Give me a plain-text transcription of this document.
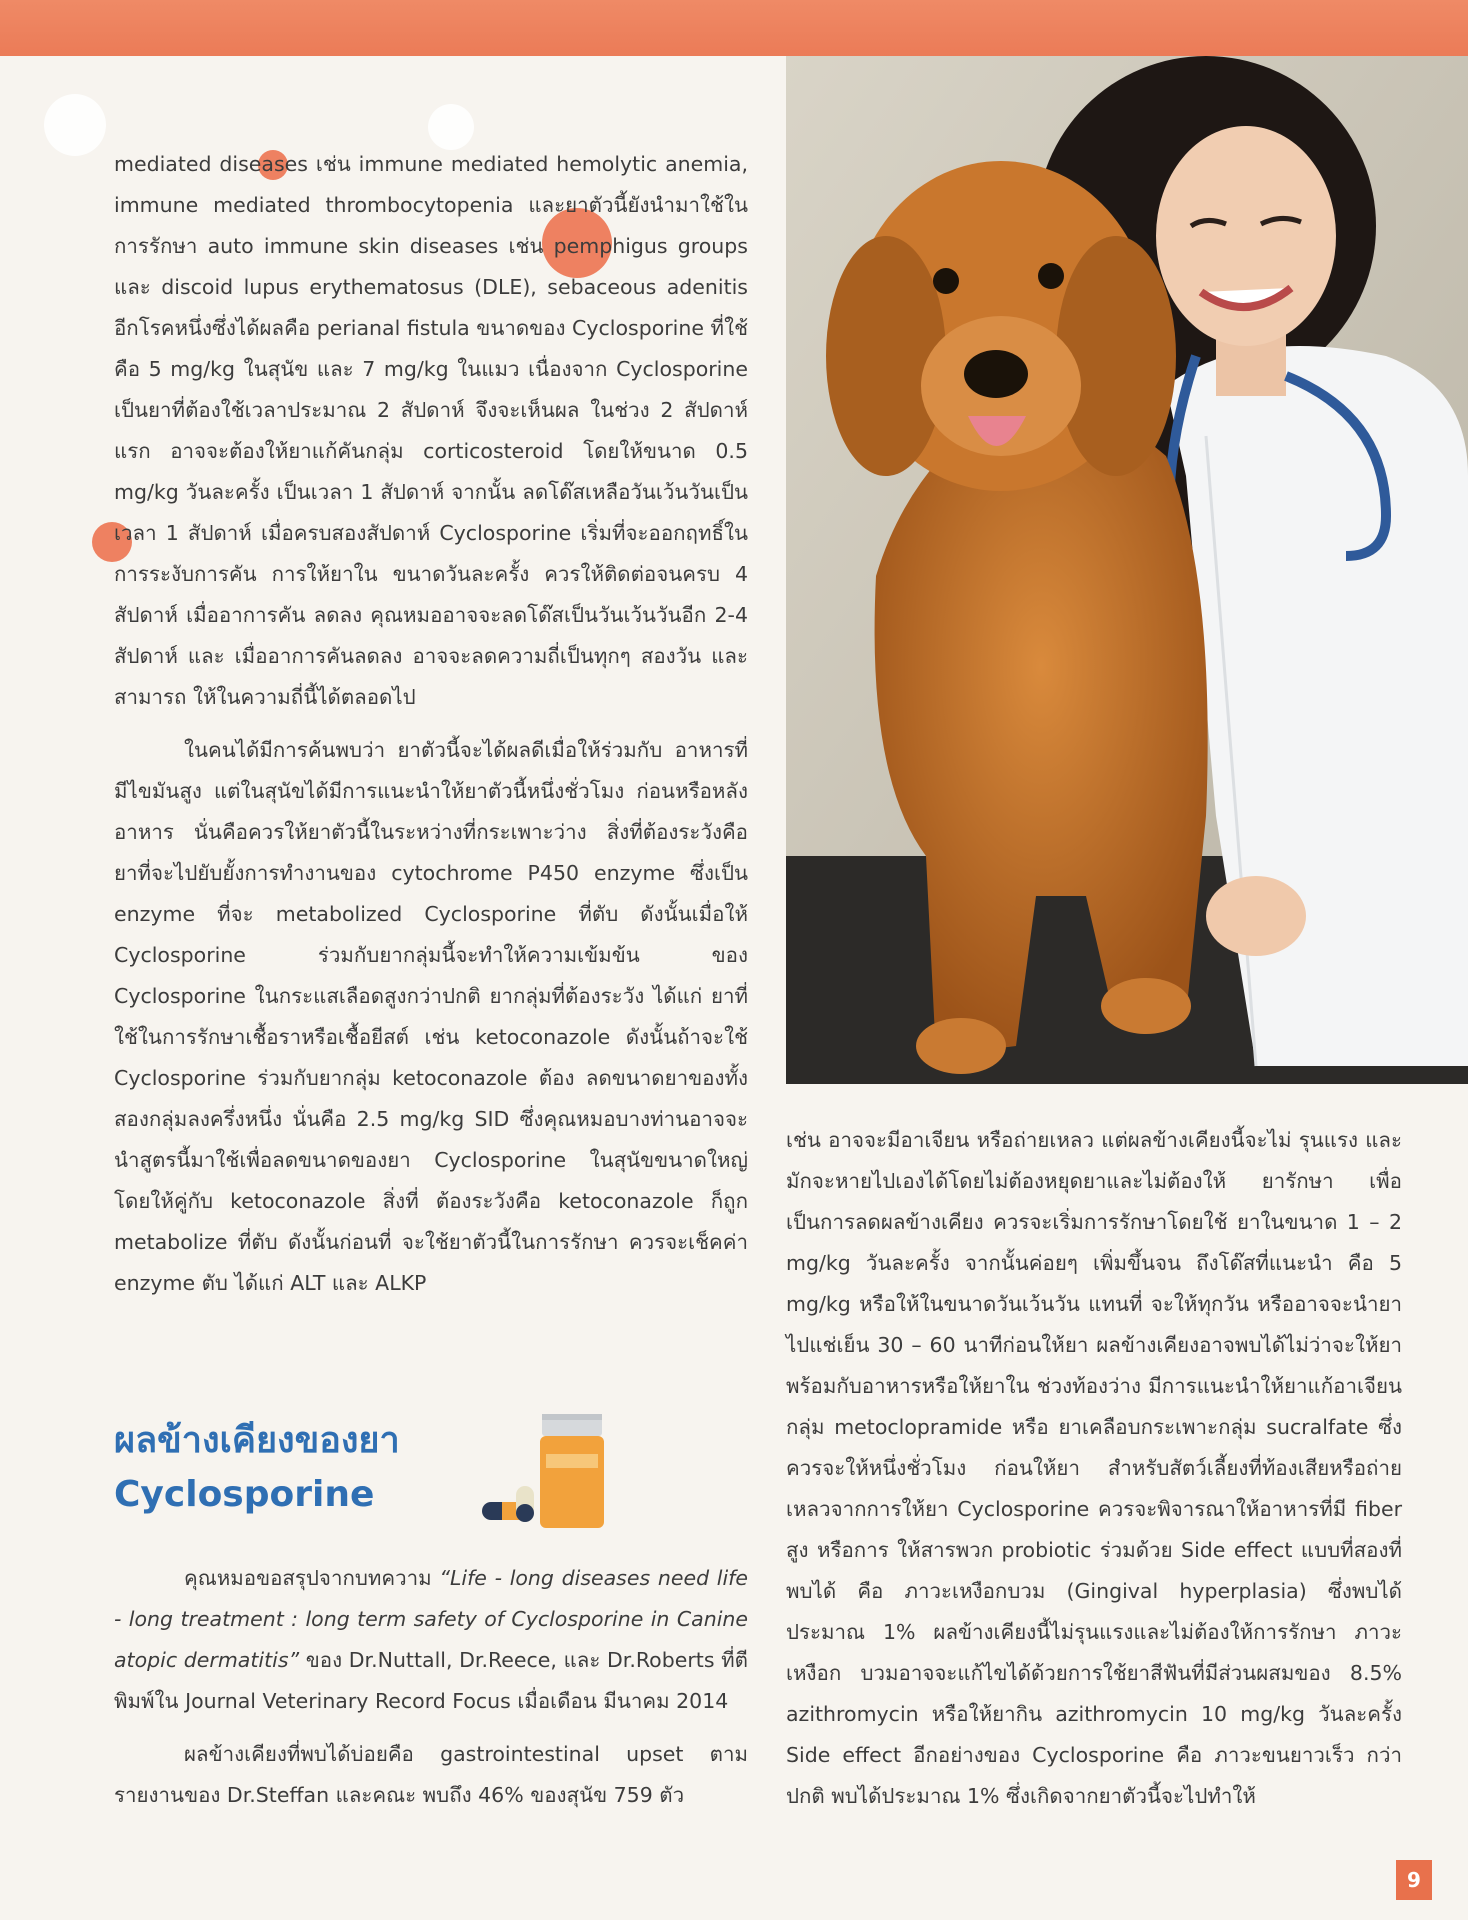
mediated diseases เช่น immune mediated hemolytic anemia, immune mediated thrombocytopenia และยาตัวนี้ยังนำมาใช้ใน การรักษา auto immune skin diseases เช่น pemphigus groups และ discoid lupus erythematosus (DLE), sebaceous adenitis อีกโรคหนึ่งซึ่งได้ผลคือ perianal fistula ขนาดของ Cyclosporine ที่ใช้คือ 5 mg/kg ในสุนัข และ 7 mg/kg ในแมว เนื่องจาก Cyclosporine เป็นยาที่ต้องใช้เวลาประมาณ 2 สัปดาห์ จึงจะเห็นผล ในช่วง 2 สัปดาห์แรก อาจจะต้องให้ยาแก้คันกลุ่ม corticosteroid โดยให้ขนาด 0.5 mg/kg วันละครั้ง เป็นเวลา 1 สัปดาห์ จากนั้น ลดโด๊สเหลือวันเว้นวันเป็นเวลา 1 สัปดาห์ เมื่อครบสองสัปดาห์ Cyclosporine เริ่มที่จะออกฤทธิ์ในการระงับการคัน การให้ยาใน ขนาดวันละครั้ง ควรให้ติดต่อจนครบ 4 สัปดาห์ เมื่ออาการคัน ลดลง คุณหมออาจจะลดโด๊สเป็นวันเว้นวันอีก 2-4 สัปดาห์ และ เมื่ออาการคันลดลง อาจจะลดความถี่เป็นทุกๆ สองวัน และสามารถ ให้ในความถี่นี้ได้ตลอดไป

ในคนได้มีการค้นพบว่า ยาตัวนี้จะได้ผลดีเมื่อให้ร่วมกับ อาหารที่มีไขมันสูง แต่ในสุนัขได้มีการแนะนำให้ยาตัวนี้หนึ่งชั่วโมง ก่อนหรือหลังอาหาร นั่นคือควรให้ยาตัวนี้ในระหว่างที่กระเพาะว่าง สิ่งที่ต้องระวังคือ ยาที่จะไปยับยั้งการทำงานของ cytochrome P450 enzyme ซึ่งเป็น enzyme ที่จะ metabolized Cyclosporine ที่ตับ ดังนั้นเมื่อให้ Cyclosporine ร่วมกับยากลุ่มนี้จะทำให้ความเข้มข้น ของ Cyclosporine ในกระแสเลือดสูงกว่าปกติ ยากลุ่มที่ต้องระวัง ได้แก่ ยาที่ใช้ในการรักษาเชื้อราหรือเชื้อยีสต์ เช่น ketoconazole ดังนั้นถ้าจะใช้ Cyclosporine ร่วมกับยากลุ่ม ketoconazole ต้อง ลดขนาดยาของทั้งสองกลุ่มลงครึ่งหนึ่ง นั่นคือ 2.5 mg/kg SID ซึ่งคุณหมอบางท่านอาจจะนำสูตรนี้มาใช้เพื่อลดขนาดของยา Cyclosporine ในสุนัขขนาดใหญ่ โดยให้คู่กับ ketoconazole สิ่งที่ ต้องระวังคือ ketoconazole ก็ถูก metabolize ที่ตับ ดังนั้นก่อนที่ จะใช้ยาตัวนี้ในการรักษา ควรจะเช็คค่า enzyme ตับ ได้แก่ ALT และ ALKP

ผลข้างเคียงของยา
Cyclosporine

คุณหมอขอสรุปจากบทความ “Life - long diseases need life - long treatment : long term safety of Cyclosporine in Canine atopic dermatitis” ของ Dr.Nuttall, Dr.Reece, และ Dr.Roberts ที่ตีพิมพ์ใน Journal Veterinary Record Focus เมื่อเดือน มีนาคม 2014

ผลข้างเคียงที่พบได้บ่อยคือ gastrointestinal upset ตาม รายงานของ Dr.Steffan และคณะ พบถึง 46% ของสุนัข 759 ตัว

เช่น อาจจะมีอาเจียน หรือถ่ายเหลว แต่ผลข้างเคียงนี้จะไม่ รุนแรง และมักจะหายไปเองได้โดยไม่ต้องหยุดยาและไม่ต้องให้ ยารักษา เพื่อเป็นการลดผลข้างเคียง ควรจะเริ่มการรักษาโดยใช้ ยาในขนาด 1 – 2 mg/kg วันละครั้ง จากนั้นค่อยๆ เพิ่มขึ้นจน ถึงโด๊สที่แนะนำ คือ 5 mg/kg หรือให้ในขนาดวันเว้นวัน แทนที่ จะให้ทุกวัน หรืออาจจะนำยาไปแช่เย็น 30 – 60 นาทีก่อนให้ยา ผลข้างเคียงอาจพบได้ไม่ว่าจะให้ยาพร้อมกับอาหารหรือให้ยาใน ช่วงท้องว่าง มีการแนะนำให้ยาแก้อาเจียนกลุ่ม metoclopramide หรือ ยาเคลือบกระเพาะกลุ่ม sucralfate ซึ่งควรจะให้หนึ่งชั่วโมง ก่อนให้ยา สำหรับสัตว์เลี้ยงที่ท้องเสียหรือถ่ายเหลวจากการให้ยา Cyclosporine ควรจะพิจารณาให้อาหารที่มี fiber สูง หรือการ ให้สารพวก probiotic ร่วมด้วย Side effect แบบที่สองที่พบได้ คือ ภาวะเหงือกบวม (Gingival hyperplasia) ซึ่งพบได้ประมาณ 1% ผลข้างเคียงนี้ไม่รุนแรงและไม่ต้องให้การรักษา ภาวะเหงือก บวมอาจจะแก้ไขได้ด้วยการใช้ยาสีฟันที่มีส่วนผสมของ 8.5% azithromycin หรือให้ยากิน azithromycin 10 mg/kg วันละครั้ง Side effect อีกอย่างของ Cyclosporine คือ ภาวะขนยาวเร็ว กว่าปกติ พบได้ประมาณ 1% ซึ่งเกิดจากยาตัวนี้จะไปทำให้

9
